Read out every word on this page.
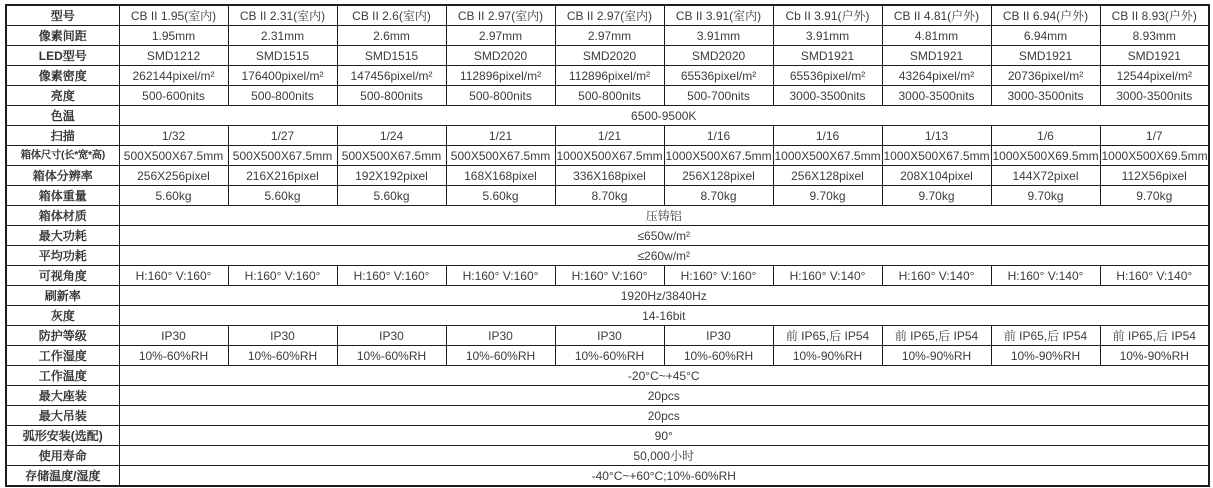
型号	CB II 1.95(室内)	CB II 2.31(室内)	CB II 2.6(室内)	CB II 2.97(室内)	CB II 2.97(室内)	CB II 3.91(室内)	Cb II 3.91(户外)	CB II 4.81(户外)	CB II 6.94(户外)	CB II 8.93(户外)
像素间距	1.95mm	2.31mm	2.6mm	2.97mm	2.97mm	3.91mm	3.91mm	4.81mm	6.94mm	8.93mm
LED型号	SMD1212	SMD1515	SMD1515	SMD2020	SMD2020	SMD2020	SMD1921	SMD1921	SMD1921	SMD1921
像素密度	262144pixel/m²	176400pixel/m²	147456pixel/m²	112896pixel/m²	112896pixel/m²	65536pixel/m²	65536pixel/m²	43264pixel/m²	20736pixel/m²	12544pixel/m²
亮度	500-600nits	500-800nits	500-800nits	500-800nits	500-800nits	500-700nits	3000-3500nits	3000-3500nits	3000-3500nits	3000-3500nits
色温	6500-9500K									
扫描	1/32	1/27	1/24	1/21	1/21	1/16	1/16	1/13	1/6	1/7
箱体尺寸(长*宽*高)	500X500X67.5mm	500X500X67.5mm	500X500X67.5mm	500X500X67.5mm	1000X500X67.5mm	1000X500X67.5mm	1000X500X67.5mm	1000X500X67.5mm	1000X500X69.5mm	1000X500X69.5mm
箱体分辨率	256X256pixel	216X216pixel	192X192pixel	168X168pixel	336X168pixel	256X128pixel	256X128pixel	208X104pixel	144X72pixel	112X56pixel
箱体重量	5.60kg	5.60kg	5.60kg	5.60kg	8.70kg	8.70kg	9.70kg	9.70kg	9.70kg	9.70kg
箱体材质	压铸铝									
最大功耗	≤650w/m²									
平均功耗	≤260w/m²									
可视角度	H:160° V:160°	H:160° V:160°	H:160° V:160°	H:160° V:160°	H:160° V:160°	H:160° V:160°	H:160° V:140°	H:160° V:140°	H:160° V:140°	H:160° V:140°
刷新率	1920Hz/3840Hz									
灰度	14-16bit									
防护等级	IP30	IP30	IP30	IP30	IP30	IP30	前 IP65,后 IP54	前 IP65,后 IP54	前 IP65,后 IP54	前 IP65,后 IP54
工作湿度	10%-60%RH	10%-60%RH	10%-60%RH	10%-60%RH	10%-60%RH	10%-60%RH	10%-90%RH	10%-90%RH	10%-90%RH	10%-90%RH
工作温度	-20°C~+45°C									
最大座装	20pcs									
最大吊装	20pcs									
弧形安装(选配)	90°									
使用寿命	50,000小时									
存储温度/湿度	-40°C~+60°C;10%-60%RH									
